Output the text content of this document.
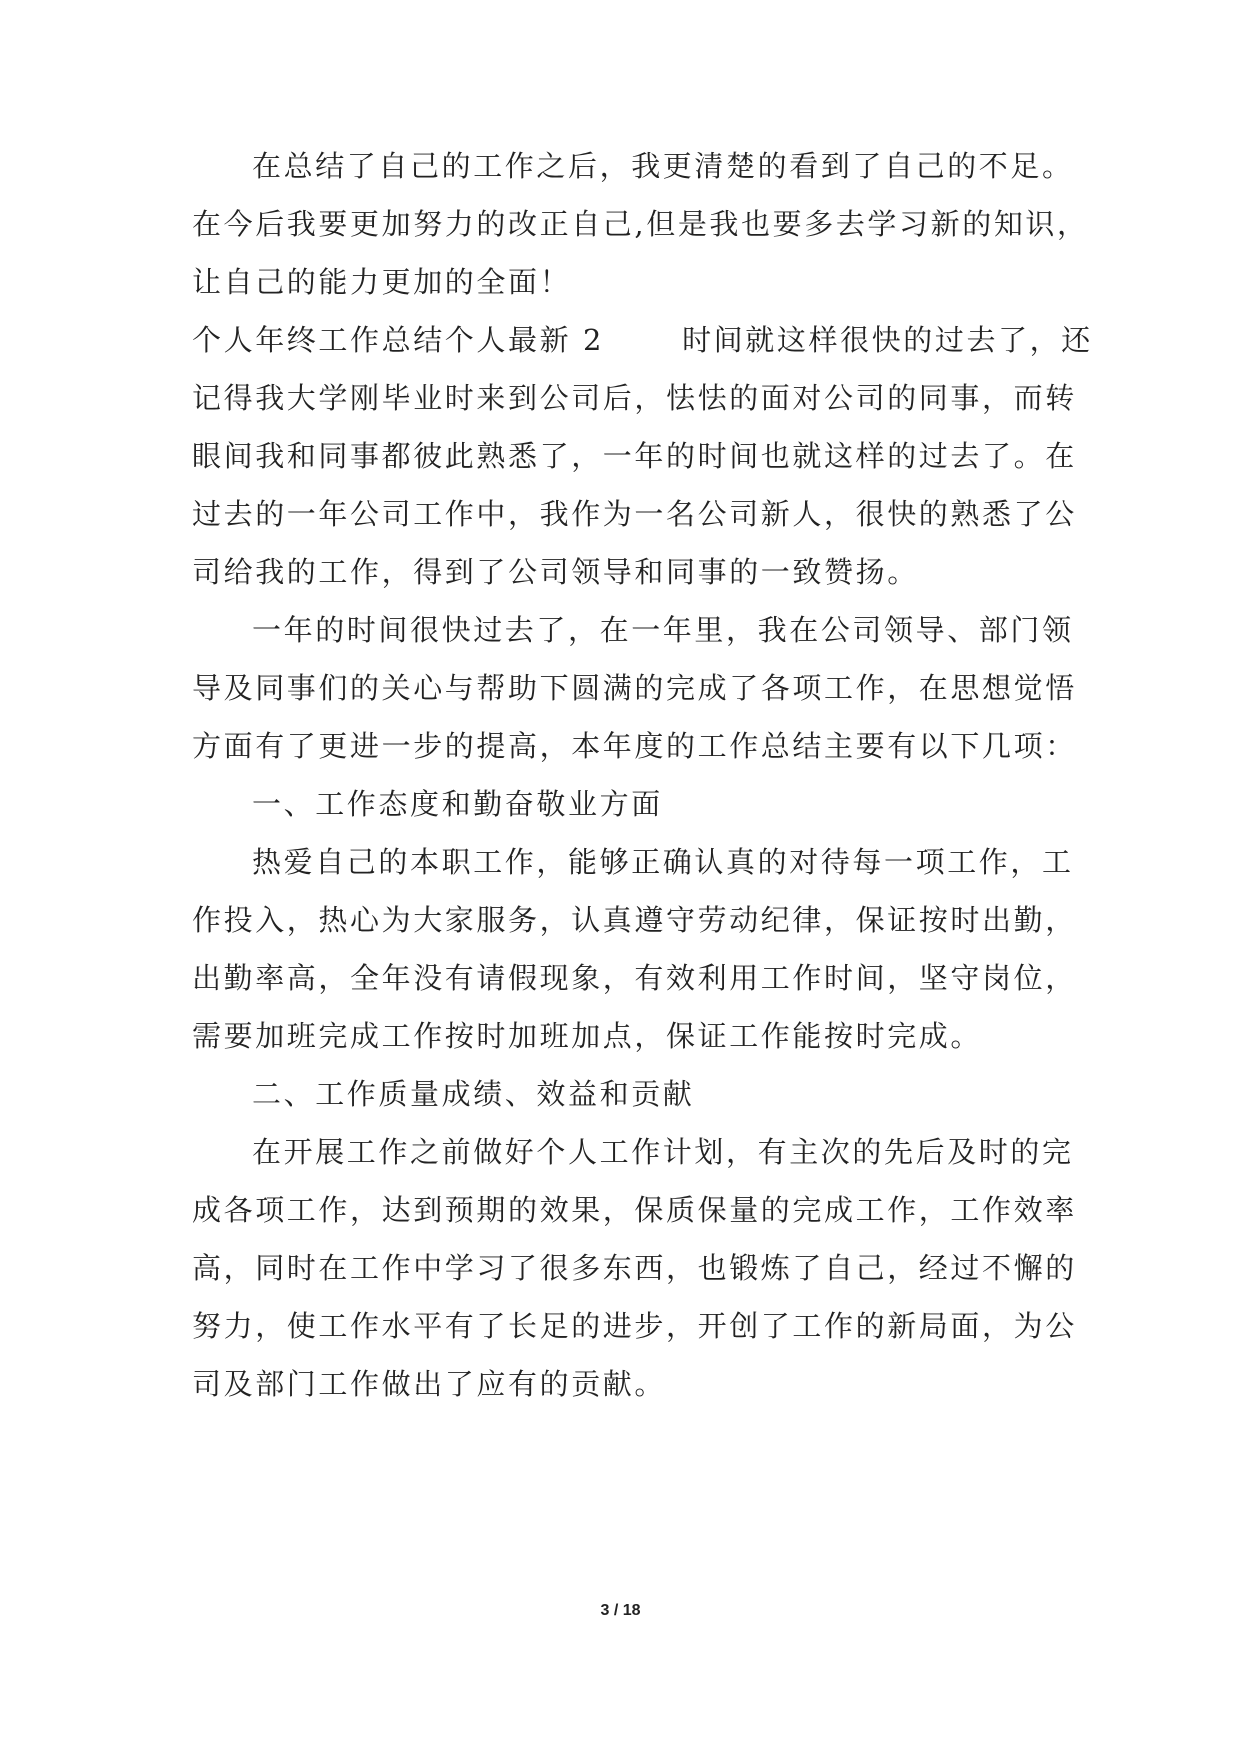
在总结了自己的工作之后，我更清楚的看到了自己的不足。
在今后我要更加努力的改正自己,但是我也要多去学习新的知识，
让自己的能力更加的全面！
个人年终工作总结个人最新 2	时间就这样很快的过去了，还
记得我大学刚毕业时来到公司后，怯怯的面对公司的同事，而转
眼间我和同事都彼此熟悉了，一年的时间也就这样的过去了。在
过去的一年公司工作中，我作为一名公司新人，很快的熟悉了公
司给我的工作，得到了公司领导和同事的一致赞扬。
一年的时间很快过去了，在一年里，我在公司领导、部门领
导及同事们的关心与帮助下圆满的完成了各项工作，在思想觉悟
方面有了更进一步的提高，本年度的工作总结主要有以下几项：
一、工作态度和勤奋敬业方面
热爱自己的本职工作，能够正确认真的对待每一项工作，工
作投入，热心为大家服务，认真遵守劳动纪律，保证按时出勤，
出勤率高，全年没有请假现象，有效利用工作时间，坚守岗位，
需要加班完成工作按时加班加点，保证工作能按时完成。
二、工作质量成绩、效益和贡献
在开展工作之前做好个人工作计划，有主次的先后及时的完
成各项工作，达到预期的效果，保质保量的完成工作，工作效率
高，同时在工作中学习了很多东西，也锻炼了自己，经过不懈的
努力，使工作水平有了长足的进步，开创了工作的新局面，为公
司及部门工作做出了应有的贡献。
3 / 18
